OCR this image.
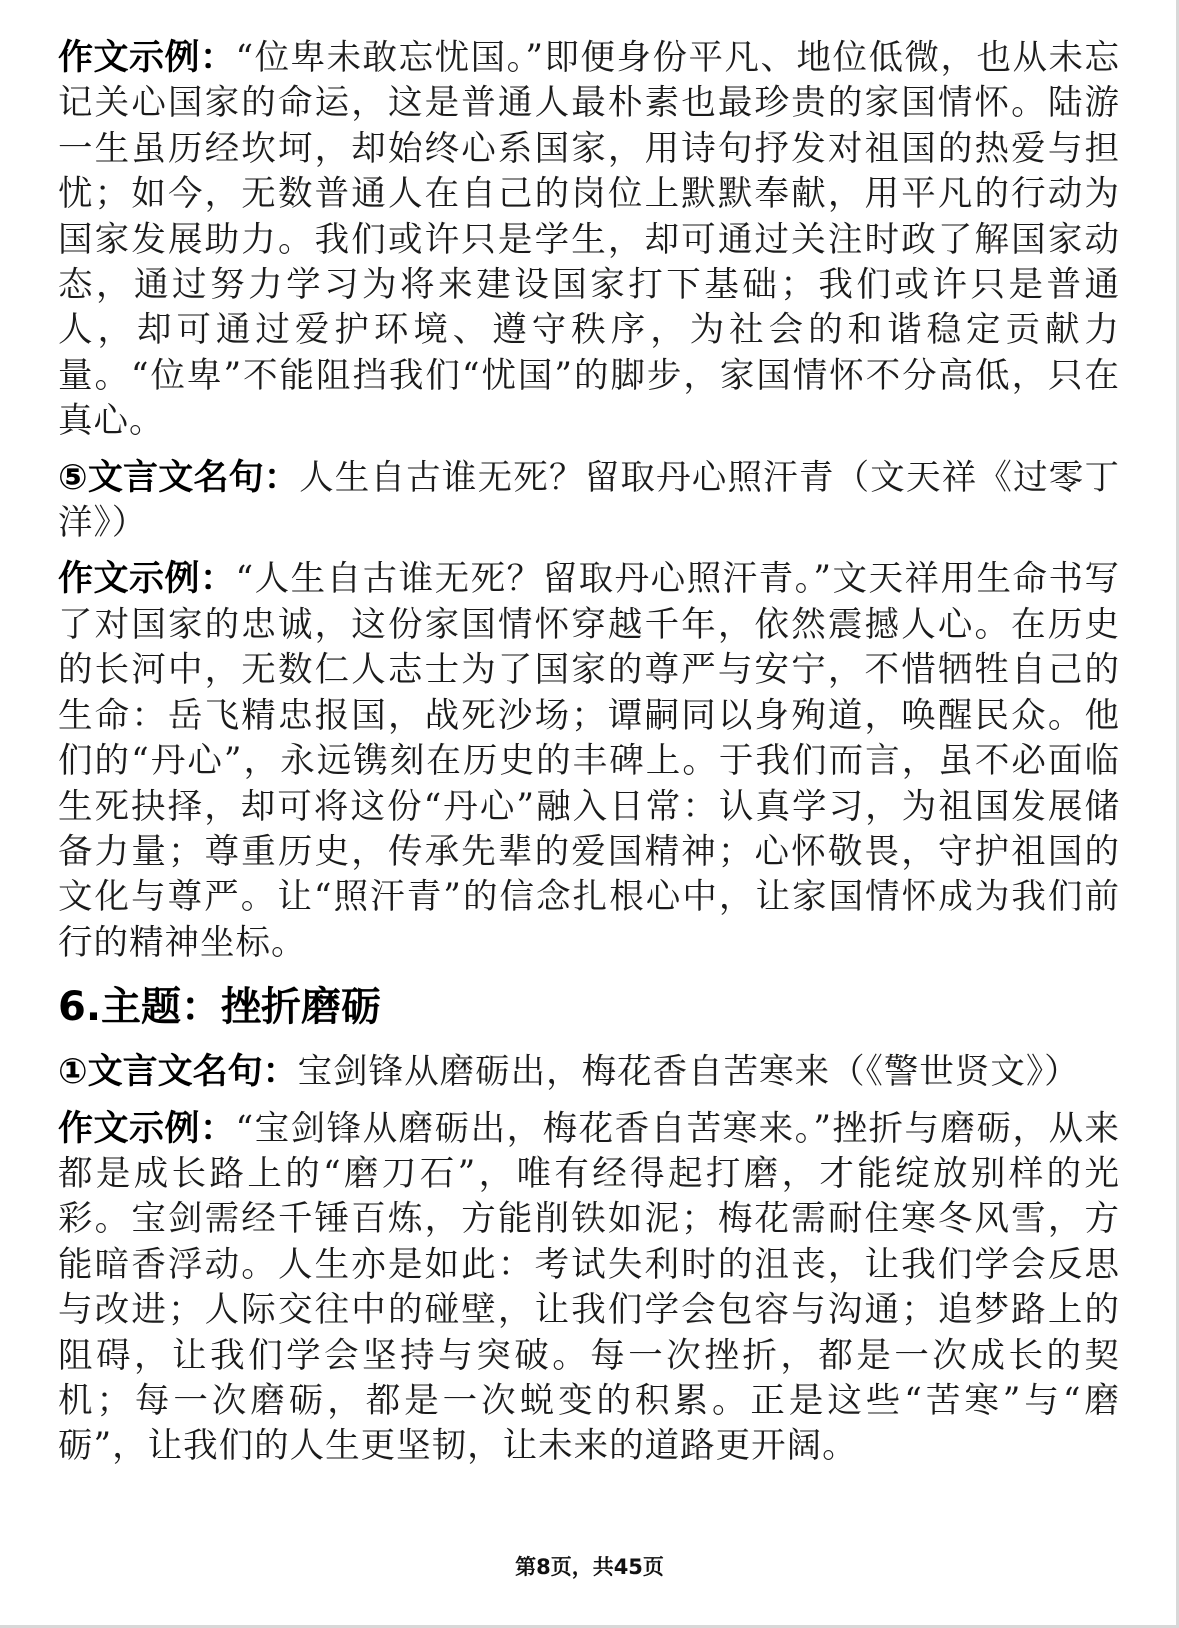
作文示例：“位卑未敢忘忧国。”即便身份平凡、地位低微，也从未忘记关心国家的命运，这是普通人最朴素也最珍贵的家国情怀。陆游一生虽历经坎坷，却始终心系国家，用诗句抒发对祖国的热爱与担忧；如今，无数普通人在自己的岗位上默默奉献，用平凡的行动为国家发展助力。我们或许只是学生，却可通过关注时政了解国家动态，通过努力学习为将来建设国家打下基础；我们或许只是普通人，却可通过爱护环境、遵守秩序，为社会的和谐稳定贡献力量。“位卑”不能阻挡我们“忧国”的脚步，家国情怀不分高低，只在真心。

⑤文言文名句：人生自古谁无死？留取丹心照汗青（文天祥《过零丁洋》）

作文示例：“人生自古谁无死？留取丹心照汗青。”文天祥用生命书写了对国家的忠诚，这份家国情怀穿越千年，依然震撼人心。在历史的长河中，无数仁人志士为了国家的尊严与安宁，不惜牺牲自己的生命：岳飞精忠报国，战死沙场；谭嗣同以身殉道，唤醒民众。他们的“丹心”，永远镌刻在历史的丰碑上。于我们而言，虽不必面临生死抉择，却可将这份“丹心”融入日常：认真学习，为祖国发展储备力量；尊重历史，传承先辈的爱国精神；心怀敬畏，守护祖国的文化与尊严。让“照汗青”的信念扎根心中，让家国情怀成为我们前行的精神坐标。

6.主题：挫折磨砺

①文言文名句：宝剑锋从磨砺出，梅花香自苦寒来（《警世贤文》）

作文示例：“宝剑锋从磨砺出，梅花香自苦寒来。”挫折与磨砺，从来都是成长路上的“磨刀石”，唯有经得起打磨，才能绽放别样的光彩。宝剑需经千锤百炼，方能削铁如泥；梅花需耐住寒冬风雪，方能暗香浮动。人生亦是如此：考试失利时的沮丧，让我们学会反思与改进；人际交往中的碰壁，让我们学会包容与沟通；追梦路上的阻碍，让我们学会坚持与突破。每一次挫折，都是一次成长的契机；每一次磨砺，都是一次蜕变的积累。正是这些“苦寒”与“磨砺”，让我们的人生更坚韧，让未来的道路更开阔。

第8页，共45页
